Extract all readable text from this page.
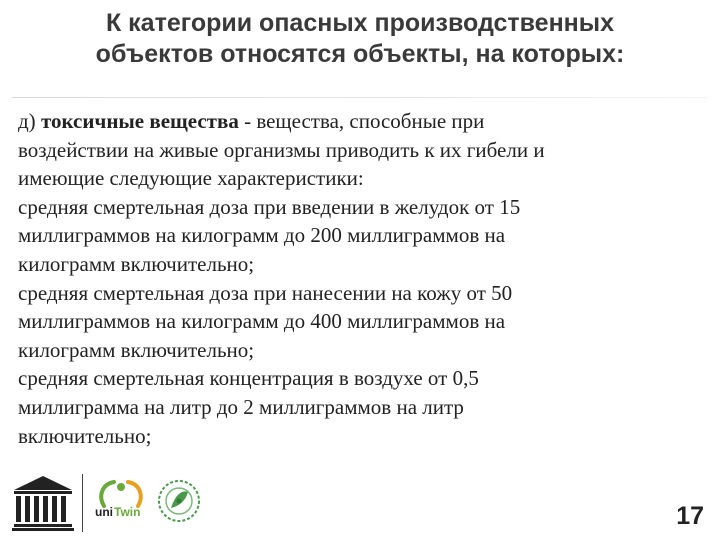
К категории опасных производственных
объектов относятся объекты, на которых:

д) токсичные вещества - вещества, способные при

воздействии на живые организмы приводить к их гибели и

имеющие следующие характеристики:

средняя смертельная доза при введении в желудок от 15

миллиграммов на килограмм до 200 миллиграммов на

килограмм включительно;

средняя смертельная доза при нанесении на кожу от 50

миллиграммов на килограмм до 400 миллиграммов на

килограмм включительно;

средняя смертельная концентрация в воздухе от 0,5

миллиграмма на литр до 2 миллиграммов на литр

включительно;

uni Twin	17
